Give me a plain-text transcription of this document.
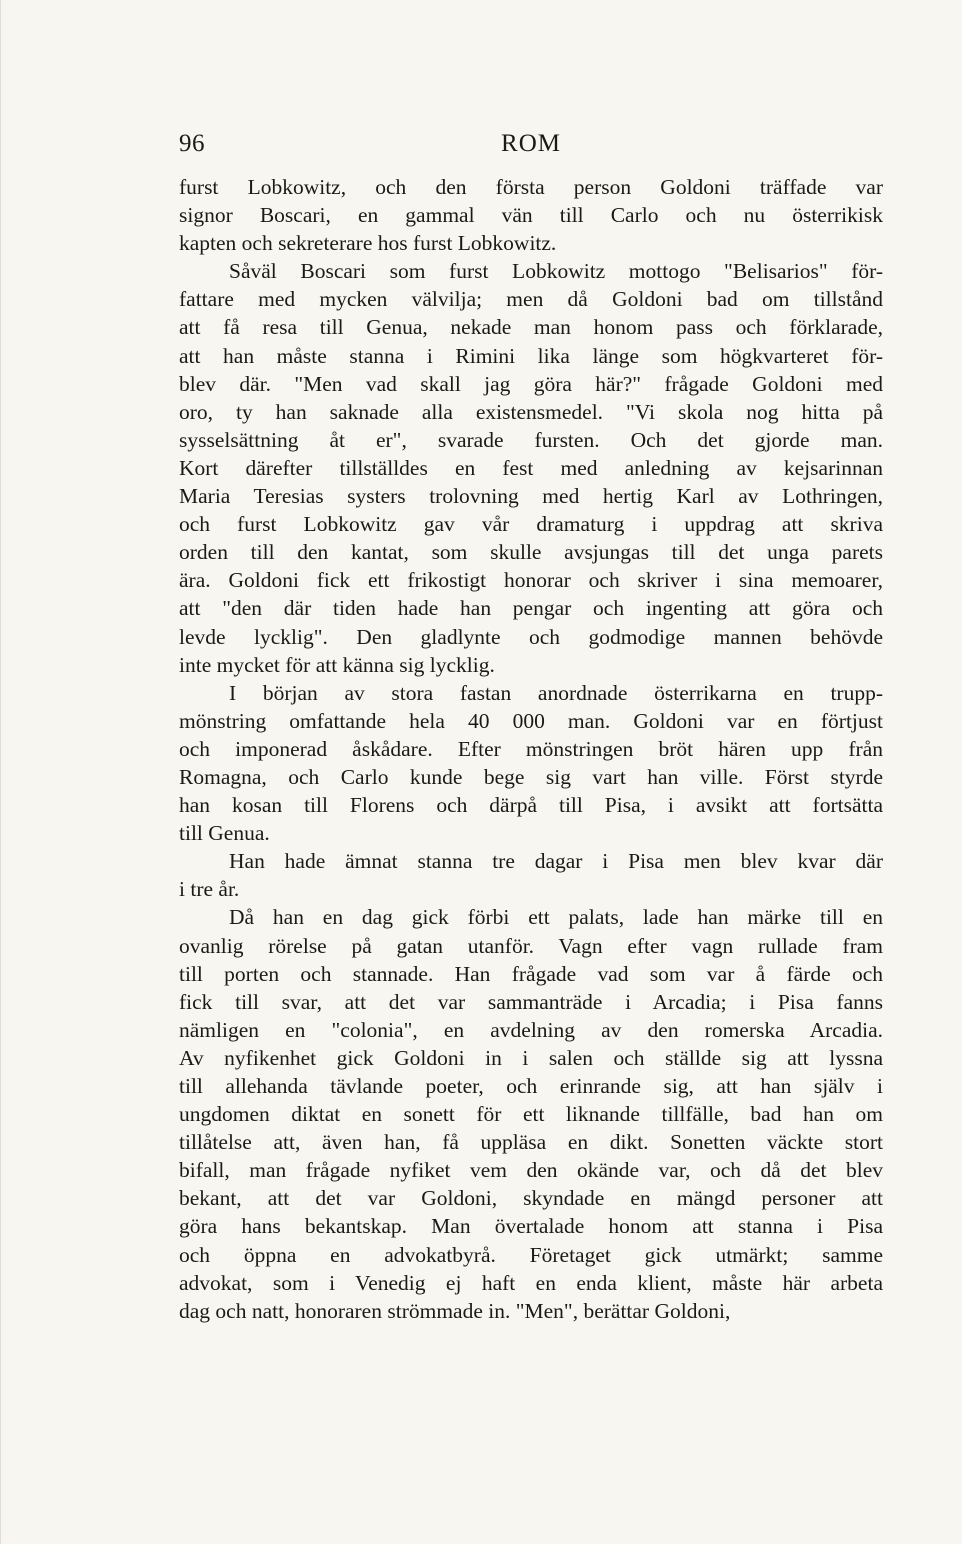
96	ROM
furst Lobkowitz, och den första person Goldoni träffade var
signor Boscari, en gammal vän till Carlo och nu österrikisk
kapten och sekreterare hos furst Lobkowitz.
Såväl Boscari som furst Lobkowitz mottogo "Belisarios" för-
fattare med mycken välvilja; men då Goldoni bad om tillstånd
att få resa till Genua, nekade man honom pass och förklarade,
att han måste stanna i Rimini lika länge som högkvarteret för-
blev där. "Men vad skall jag göra här?" frågade Goldoni med
oro, ty han saknade alla existensmedel. "Vi skola nog hitta på
sysselsättning åt er", svarade fursten. Och det gjorde man.
Kort därefter tillställdes en fest med anledning av kejsarinnan
Maria Teresias systers trolovning med hertig Karl av Lothringen,
och furst Lobkowitz gav vår dramaturg i uppdrag att skriva
orden till den kantat, som skulle avsjungas till det unga parets
ära. Goldoni fick ett frikostigt honorar och skriver i sina memoarer,
att "den där tiden hade han pengar och ingenting att göra och
levde lycklig". Den gladlynte och godmodige mannen behövde
inte mycket för att känna sig lycklig.
I början av stora fastan anordnade österrikarna en trupp-
mönstring omfattande hela 40 000 man. Goldoni var en förtjust
och imponerad åskådare. Efter mönstringen bröt hären upp från
Romagna, och Carlo kunde bege sig vart han ville. Först styrde
han kosan till Florens och därpå till Pisa, i avsikt att fortsätta
till Genua.
Han hade ämnat stanna tre dagar i Pisa men blev kvar där
i tre år.
Då han en dag gick förbi ett palats, lade han märke till en
ovanlig rörelse på gatan utanför. Vagn efter vagn rullade fram
till porten och stannade. Han frågade vad som var å färde och
fick till svar, att det var sammanträde i Arcadia; i Pisa fanns
nämligen en "colonia", en avdelning av den romerska Arcadia.
Av nyfikenhet gick Goldoni in i salen och ställde sig att lyssna
till allehanda tävlande poeter, och erinrande sig, att han själv i
ungdomen diktat en sonett för ett liknande tillfälle, bad han om
tillåtelse att, även han, få uppläsa en dikt. Sonetten väckte stort
bifall, man frågade nyfiket vem den okände var, och då det blev
bekant, att det var Goldoni, skyndade en mängd personer att
göra hans bekantskap. Man övertalade honom att stanna i Pisa
och öppna en advokatbyrå. Företaget gick utmärkt; samme
advokat, som i Venedig ej haft en enda klient, måste här arbeta
dag och natt, honoraren strömmade in. "Men", berättar Goldoni,
